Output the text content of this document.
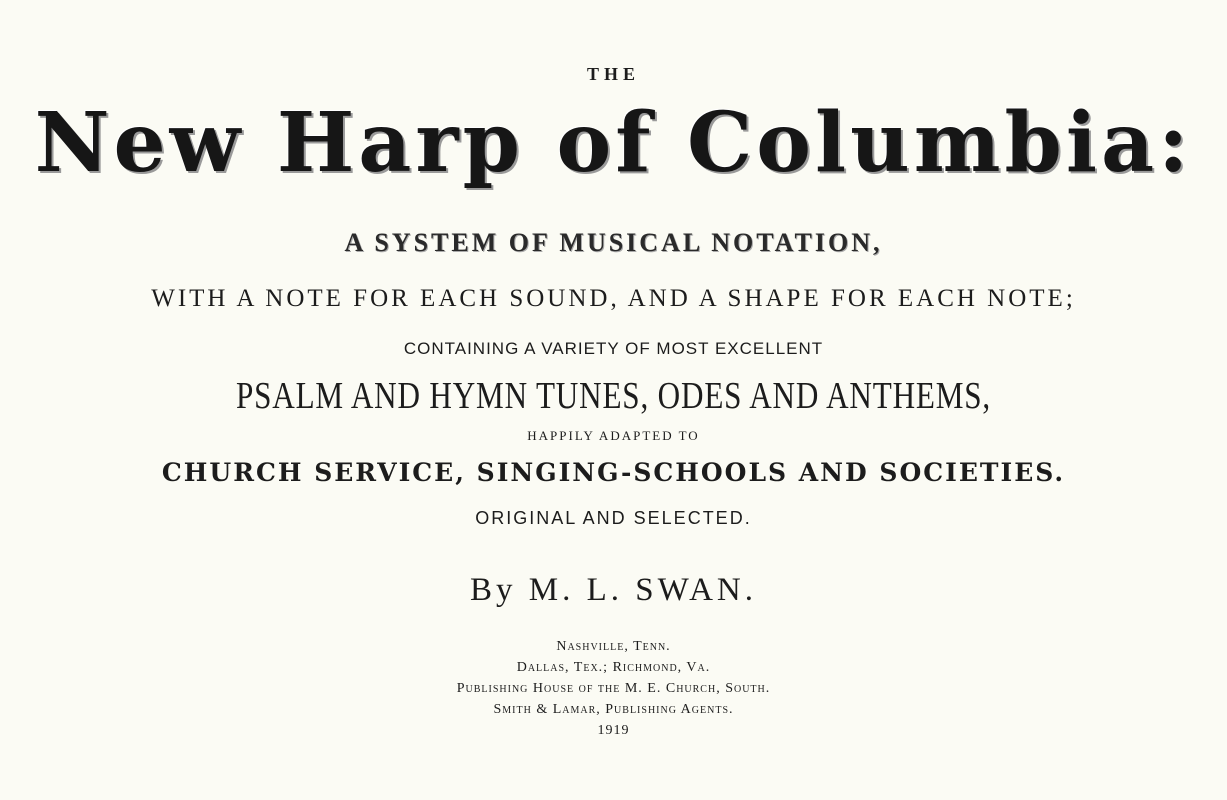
THE
New Harp of Columbia:
A SYSTEM OF MUSICAL NOTATION,
WITH A NOTE FOR EACH SOUND, AND A SHAPE FOR EACH NOTE;
CONTAINING A VARIETY OF MOST EXCELLENT
PSALM AND HYMN TUNES, ODES AND ANTHEMS,
HAPPILY ADAPTED TO
CHURCH SERVICE, SINGING-SCHOOLS AND SOCIETIES.
ORIGINAL AND SELECTED.
By M. L. SWAN.
Nashville, Tenn.
Dallas, Tex.; Richmond, Va.
Publishing House of the M. E. Church, South.
Smith & Lamar, Publishing Agents.
1919
